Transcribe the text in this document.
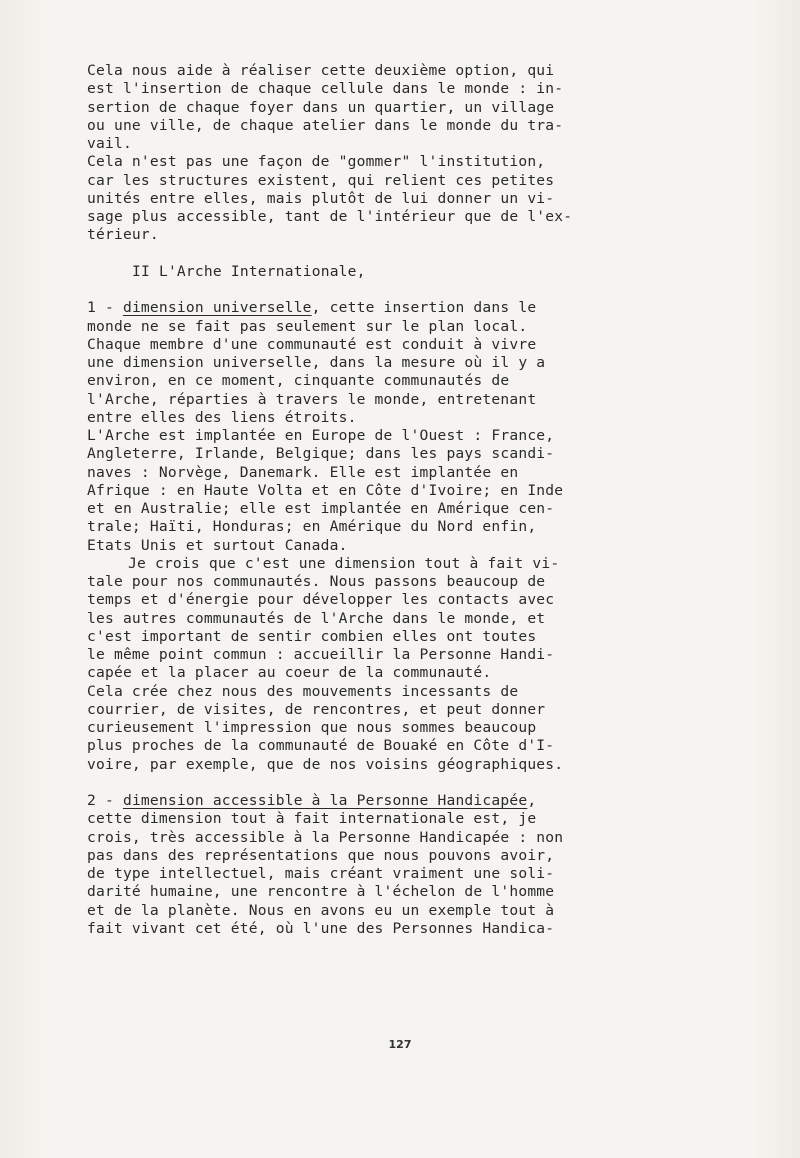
Cela nous aide à réaliser cette deuxième option, qui
est l'insertion de chaque cellule dans le monde : in-
sertion de chaque foyer dans un quartier, un village
ou une ville, de chaque atelier dans le monde du tra-
vail.
Cela n'est pas une façon de "gommer" l'institution,
car les structures existent, qui relient ces petites
unités entre elles, mais plutôt de lui donner un vi-
sage plus accessible, tant de l'intérieur que de l'ex-
térieur.
II L'Arche Internationale,
1 - dimension universelle, cette insertion dans le
monde ne se fait pas seulement sur le plan local.
Chaque membre d'une communauté est conduit à vivre
une dimension universelle, dans la mesure où il y a
environ, en ce moment, cinquante communautés de
l'Arche, réparties à travers le monde, entretenant
entre elles des liens étroits.
L'Arche est implantée en Europe de l'Ouest : France,
Angleterre, Irlande, Belgique; dans les pays scandi-
naves : Norvège, Danemark. Elle est implantée en
Afrique : en Haute Volta et en Côte d'Ivoire; en Inde
et en Australie; elle est implantée en Amérique cen-
trale; Haïti, Honduras; en Amérique du Nord enfin,
Etats Unis et surtout Canada.
Je crois que c'est une dimension tout à fait vi-
tale pour nos communautés. Nous passons beaucoup de
temps et d'énergie pour développer les contacts avec
les autres communautés de l'Arche dans le monde, et
c'est important de sentir combien elles ont toutes
le même point commun : accueillir la Personne Handi-
capée et la placer au coeur de la communauté.
Cela crée chez nous des mouvements incessants de
courrier, de visites, de rencontres, et peut donner
curieusement l'impression que nous sommes beaucoup
plus proches de la communauté de Bouaké en Côte d'I-
voire, par exemple, que de nos voisins géographiques.
2 - dimension accessible à la Personne Handicapée,
cette dimension tout à fait internationale est, je
crois, très accessible à la Personne Handicapée : non
pas dans des représentations que nous pouvons avoir,
de type intellectuel, mais créant vraiment une soli-
darité humaine, une rencontre à l'échelon de l'homme
et de la planète. Nous en avons eu un exemple tout à
fait vivant cet été, où l'une des Personnes Handica-
127
